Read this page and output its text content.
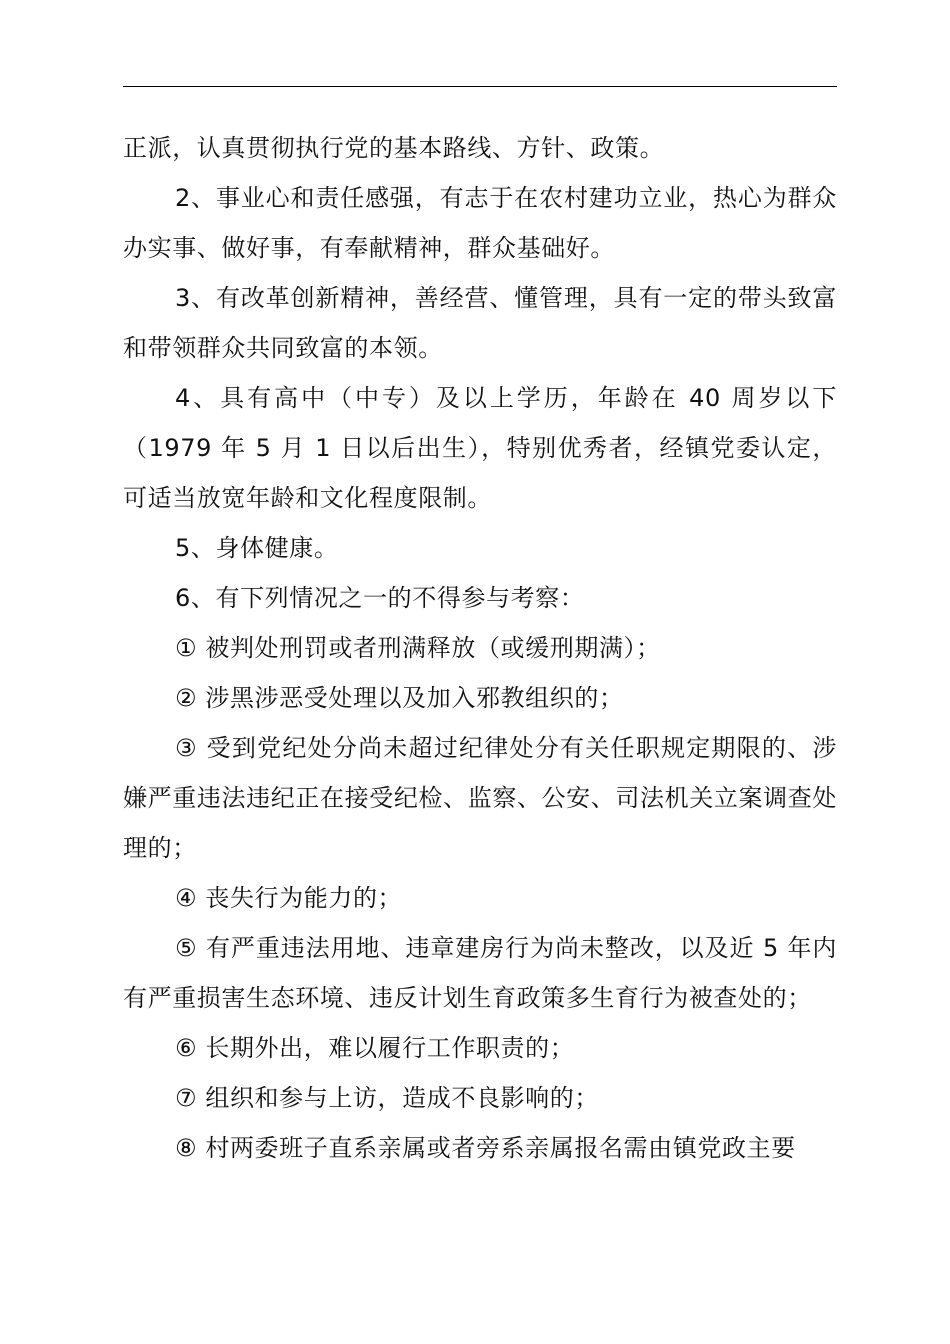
正派，认真贯彻执行党的基本路线、方针、政策。

2、事业心和责任感强，有志于在农村建功立业，热心为群众办实事、做好事，有奉献精神，群众基础好。

3、有改革创新精神，善经营、懂管理，具有一定的带头致富和带领群众共同致富的本领。

4、具有高中（中专）及以上学历，年龄在 40 周岁以下（1979 年 5 月 1 日以后出生），特别优秀者，经镇党委认定，可适当放宽年龄和文化程度限制。

5、身体健康。

6、有下列情况之一的不得参与考察：

① 被判处刑罚或者刑满释放（或缓刑期满）；

② 涉黑涉恶受处理以及加入邪教组织的；

③ 受到党纪处分尚未超过纪律处分有关任职规定期限的、涉嫌严重违法违纪正在接受纪检、监察、公安、司法机关立案调查处理的；

④ 丧失行为能力的；

⑤ 有严重违法用地、违章建房行为尚未整改，以及近 5 年内有严重损害生态环境、违反计划生育政策多生育行为被查处的；

⑥ 长期外出，难以履行工作职责的；

⑦ 组织和参与上访，造成不良影响的；

⑧ 村两委班子直系亲属或者旁系亲属报名需由镇党政主要
